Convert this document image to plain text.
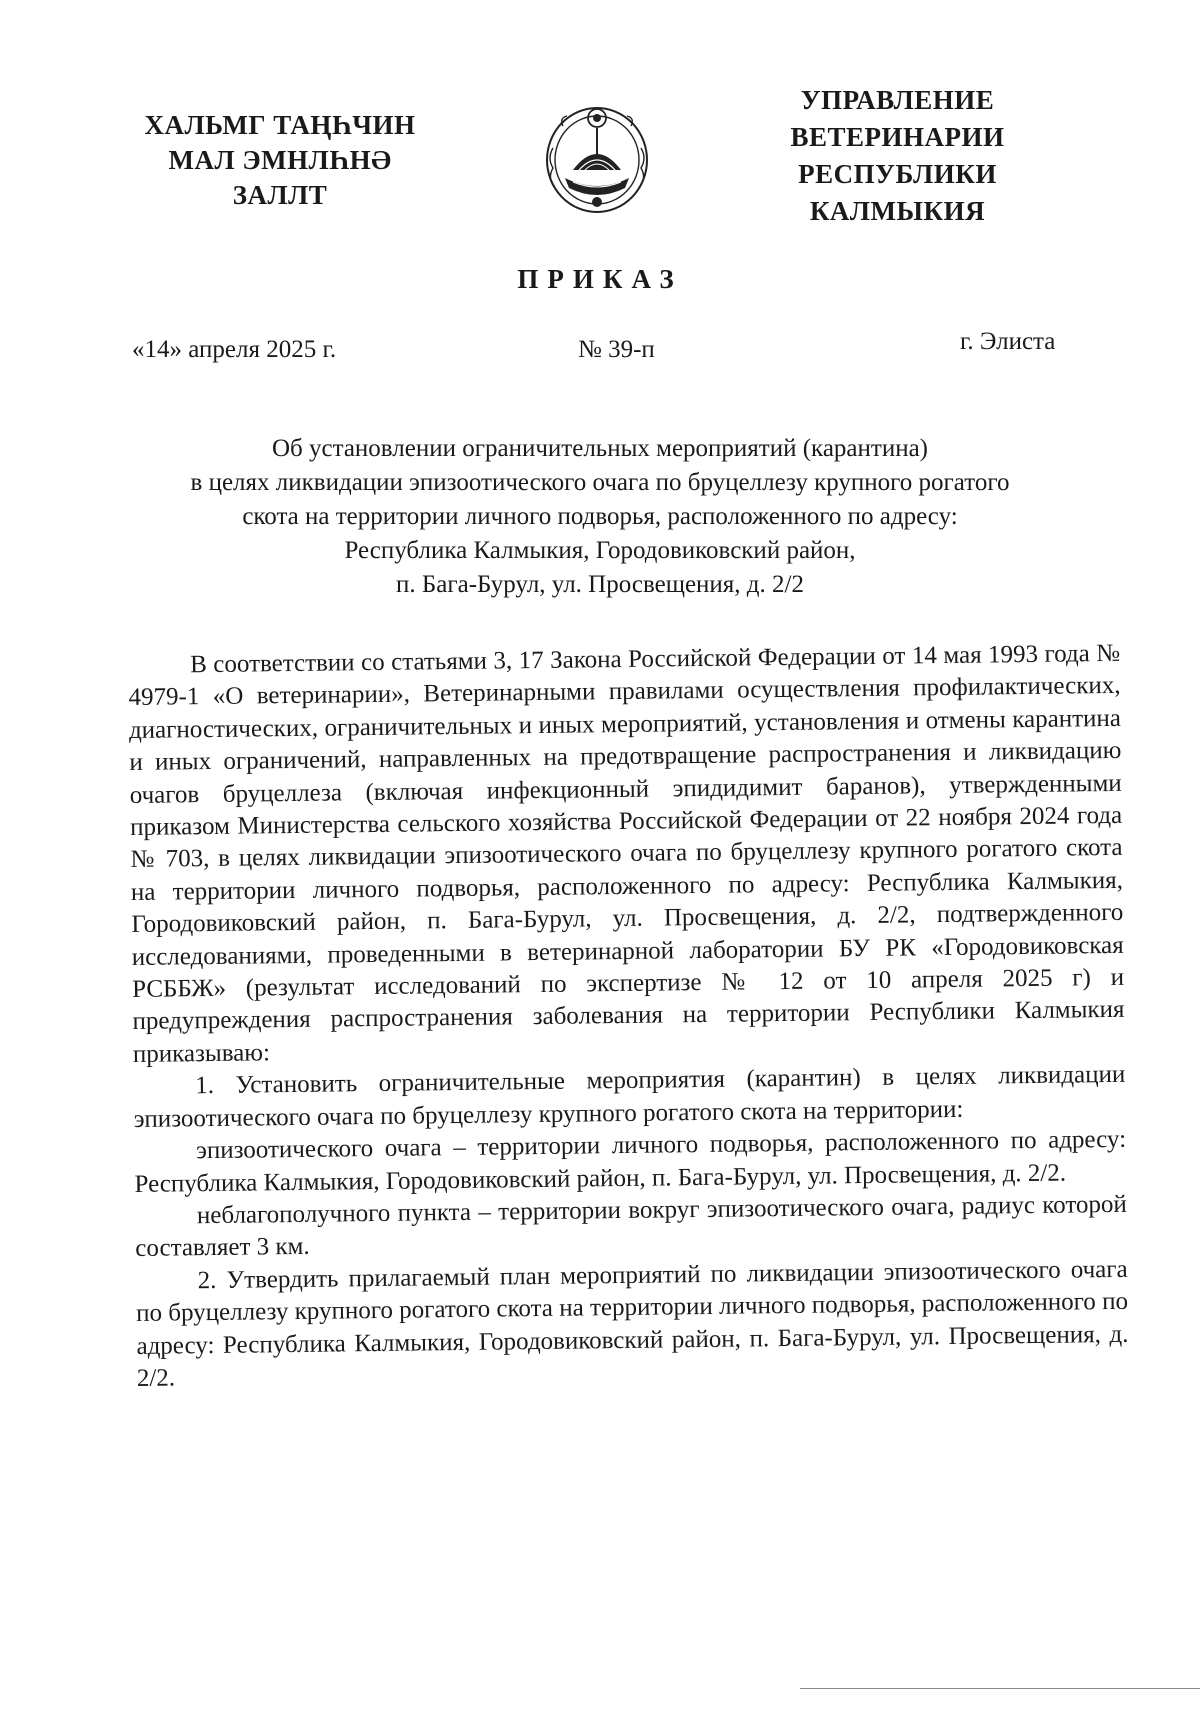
ХАЛЬМГ ТАҢҺЧИН
МАЛ ЭМНЛҺНӘ
ЗАЛЛТ
УПРАВЛЕНИЕ
ВЕТЕРИНАРИИ
РЕСПУБЛИКИ
КАЛМЫКИЯ
ПРИКАЗ
«14» апреля 2025 г.	№ 39-п	г. Элиста
Об установлении ограничительных мероприятий (карантина)
в целях ликвидации эпизоотического очага по бруцеллезу крупного рогатого
скота на территории личного подворья, расположенного по адресу:
Республика Калмыкия, Городовиковский район,
п. Бага-Бурул, ул. Просвещения, д. 2/2

В соответствии со статьями 3, 17 Закона Российской Федерации от 14 мая 1993 года № 4979-1 «О ветеринарии», Ветеринарными правилами осуществления профилактических, диагностических, ограничительных и иных мероприятий, установления и отмены карантина и иных ограничений, направленных на предотвращение распространения и ликвидацию очагов бруцеллеза (включая инфекционный эпидидимит баранов), утвержденными приказом Министерства сельского хозяйства Российской Федерации от 22 ноября 2024 года № 703, в целях ликвидации эпизоотического очага по бруцеллезу крупного рогатого скота на территории личного подворья, расположенного по адресу: Республика Калмыкия, Городовиковский район, п. Бага-Бурул, ул. Просвещения, д. 2/2, подтвержденного исследованиями, проведенными в ветеринарной лаборатории БУ РК «Городовиковская РСББЖ» (результат исследований по экспертизе № 12 от 10 апреля 2025 г) и предупреждения распространения заболевания на территории Республики Калмыкия приказываю:

1. Установить ограничительные мероприятия (карантин) в целях ликвидации эпизоотического очага по бруцеллезу крупного рогатого скота на территории:

эпизоотического очага – территории личного подворья, расположенного по адресу: Республика Калмыкия, Городовиковский район, п. Бага-Бурул, ул. Просвещения, д. 2/2.

неблагополучного пункта – территории вокруг эпизоотического очага, радиус которой составляет 3 км.

2. Утвердить прилагаемый план мероприятий по ликвидации эпизоотического очага по бруцеллезу крупного рогатого скота на территории личного подворья, расположенного по адресу: Республика Калмыкия, Городовиковский район, п. Бага-Бурул, ул. Просвещения, д. 2/2.
